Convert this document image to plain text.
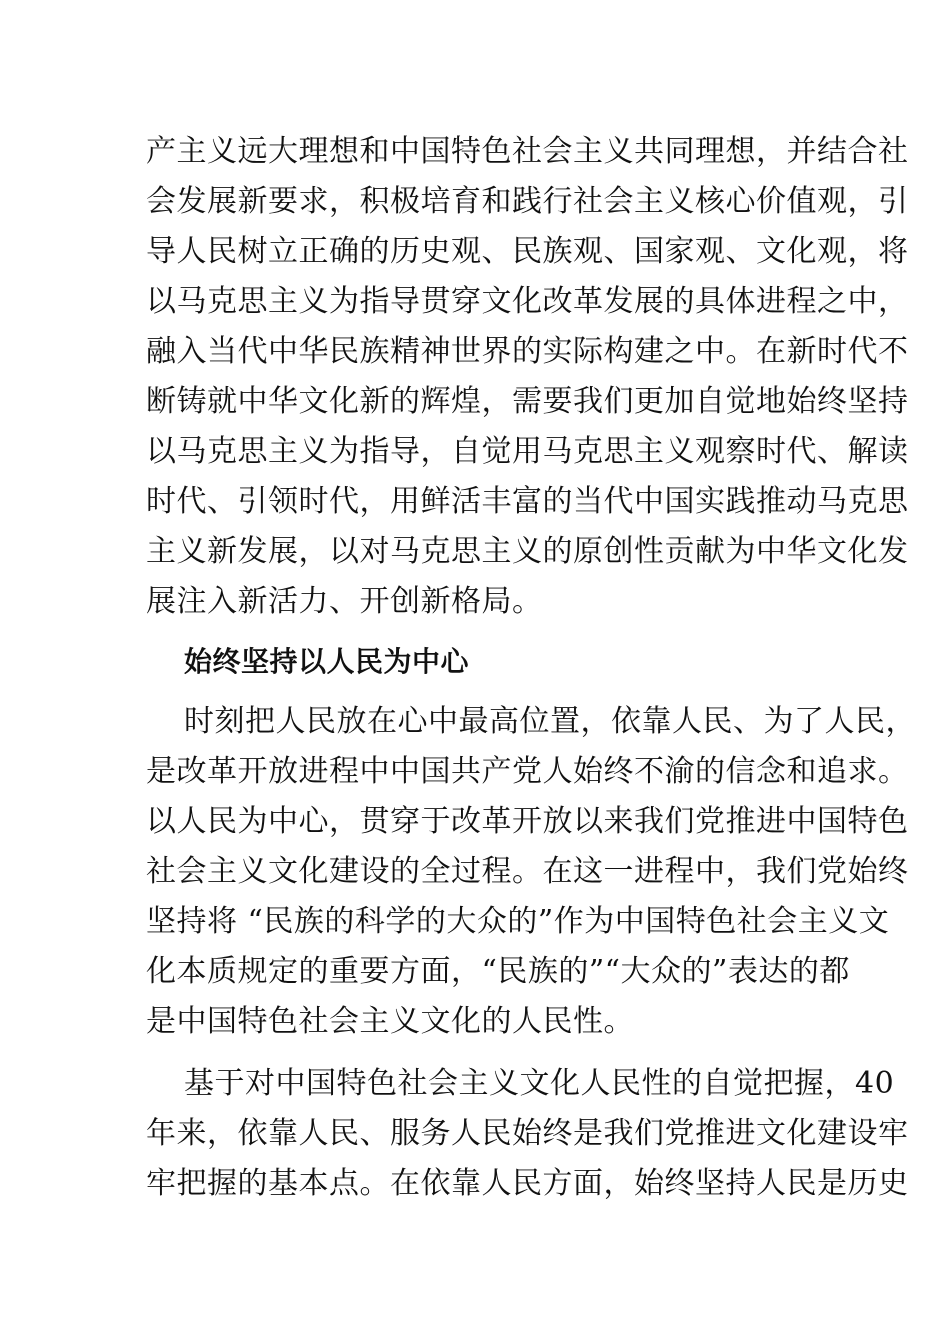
产主义远大理想和中国特色社会主义共同理想，并结合社
会发展新要求，积极培育和践行社会主义核心价值观，引
导人民树立正确的历史观、民族观、国家观、文化观，将
以马克思主义为指导贯穿文化改革发展的具体进程之中，
融入当代中华民族精神世界的实际构建之中。在新时代不
断铸就中华文化新的辉煌，需要我们更加自觉地始终坚持
以马克思主义为指导，自觉用马克思主义观察时代、解读
时代、引领时代，用鲜活丰富的当代中国实践推动马克思
主义新发展，以对马克思主义的原创性贡献为中华文化发
展注入新活力、开创新格局。
始终坚持以人民为中心
时刻把人民放在心中最高位置，依靠人民、为了人民，
是改革开放进程中中国共产党人始终不渝的信念和追求。
以人民为中心，贯穿于改革开放以来我们党推进中国特色
社会主义文化建设的全过程。在这一进程中，我们党始终
坚持将 “民族的科学的大众的”作为中国特色社会主义文
化本质规定的重要方面，“民族的”“大众的”表达的都
是中国特色社会主义文化的人民性。
基于对中国特色社会主义文化人民性的自觉把握，40
年来，依靠人民、服务人民始终是我们党推进文化建设牢
牢把握的基本点。在依靠人民方面，始终坚持人民是历史
